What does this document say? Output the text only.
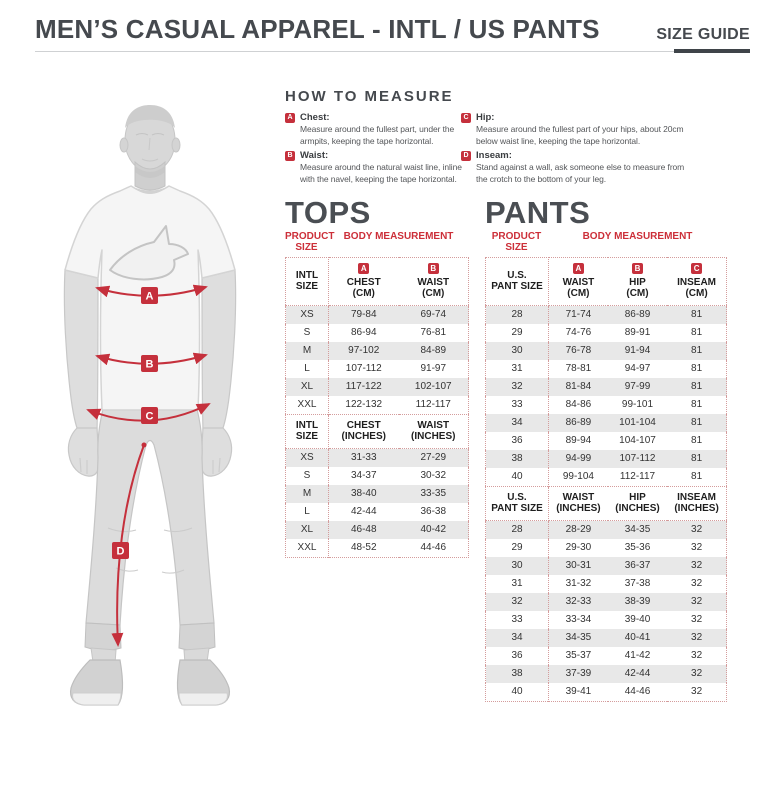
MEN’S CASUAL APPAREL - INTL / US PANTS	SIZE GUIDE
A
B
C
D
HOW TO MEASURE
A Chest:
Measure around the fullest part, under the armpits, keeping the tape horizontal.
B Waist:
Measure around the natural waist line, inline with the navel, keeping the tape horizontal.
C Hip:
Measure around the fullest part of your hips, about 20cm below waist line, keeping the tape horizontal.
D Inseam:
Stand against a wall, ask someone else to measure from the crotch to the bottom of your leg.
TOPS
PRODUCT SIZE
BODY MEASUREMENT
INTL
SIZE
	A
CHEST
(CM)
	B
WAIST
(CM)

XS	79-84	69-74
S	86-94	76-81
M	97-102	84-89
L	107-112	91-97
XL	117-122	102-107
XXL	122-132	112-117

INTL
SIZE

CHEST
(INCHES)

WAIST
(INCHES)

XS	31-33	27-29
S	34-37	30-32
M	38-40	33-35
L	42-44	36-38
XL	46-48	40-42
XXL	48-52	44-46
PANTS
PRODUCT SIZE
BODY MEASUREMENT
U.S.
PANT SIZE
	A
WAIST
(CM)
	B
HIP
(CM)
	C
INSEAM
(CM)

28	71-74	86-89	81
29	74-76	89-91	81
30	76-78	91-94	81
31	78-81	94-97	81
32	81-84	97-99	81
33	84-86	99-101	81
34	86-89	101-104	81
36	89-94	104-107	81
38	94-99	107-112	81
40	99-104	112-117	81

U.S.
PANT SIZE

WAIST
(INCHES)

HIP
(INCHES)

INSEAM
(INCHES)

28	28-29	34-35	32
29	29-30	35-36	32
30	30-31	36-37	32
31	31-32	37-38	32
32	32-33	38-39	32
33	33-34	39-40	32
34	34-35	40-41	32
36	35-37	41-42	32
38	37-39	42-44	32
40	39-41	44-46	32
